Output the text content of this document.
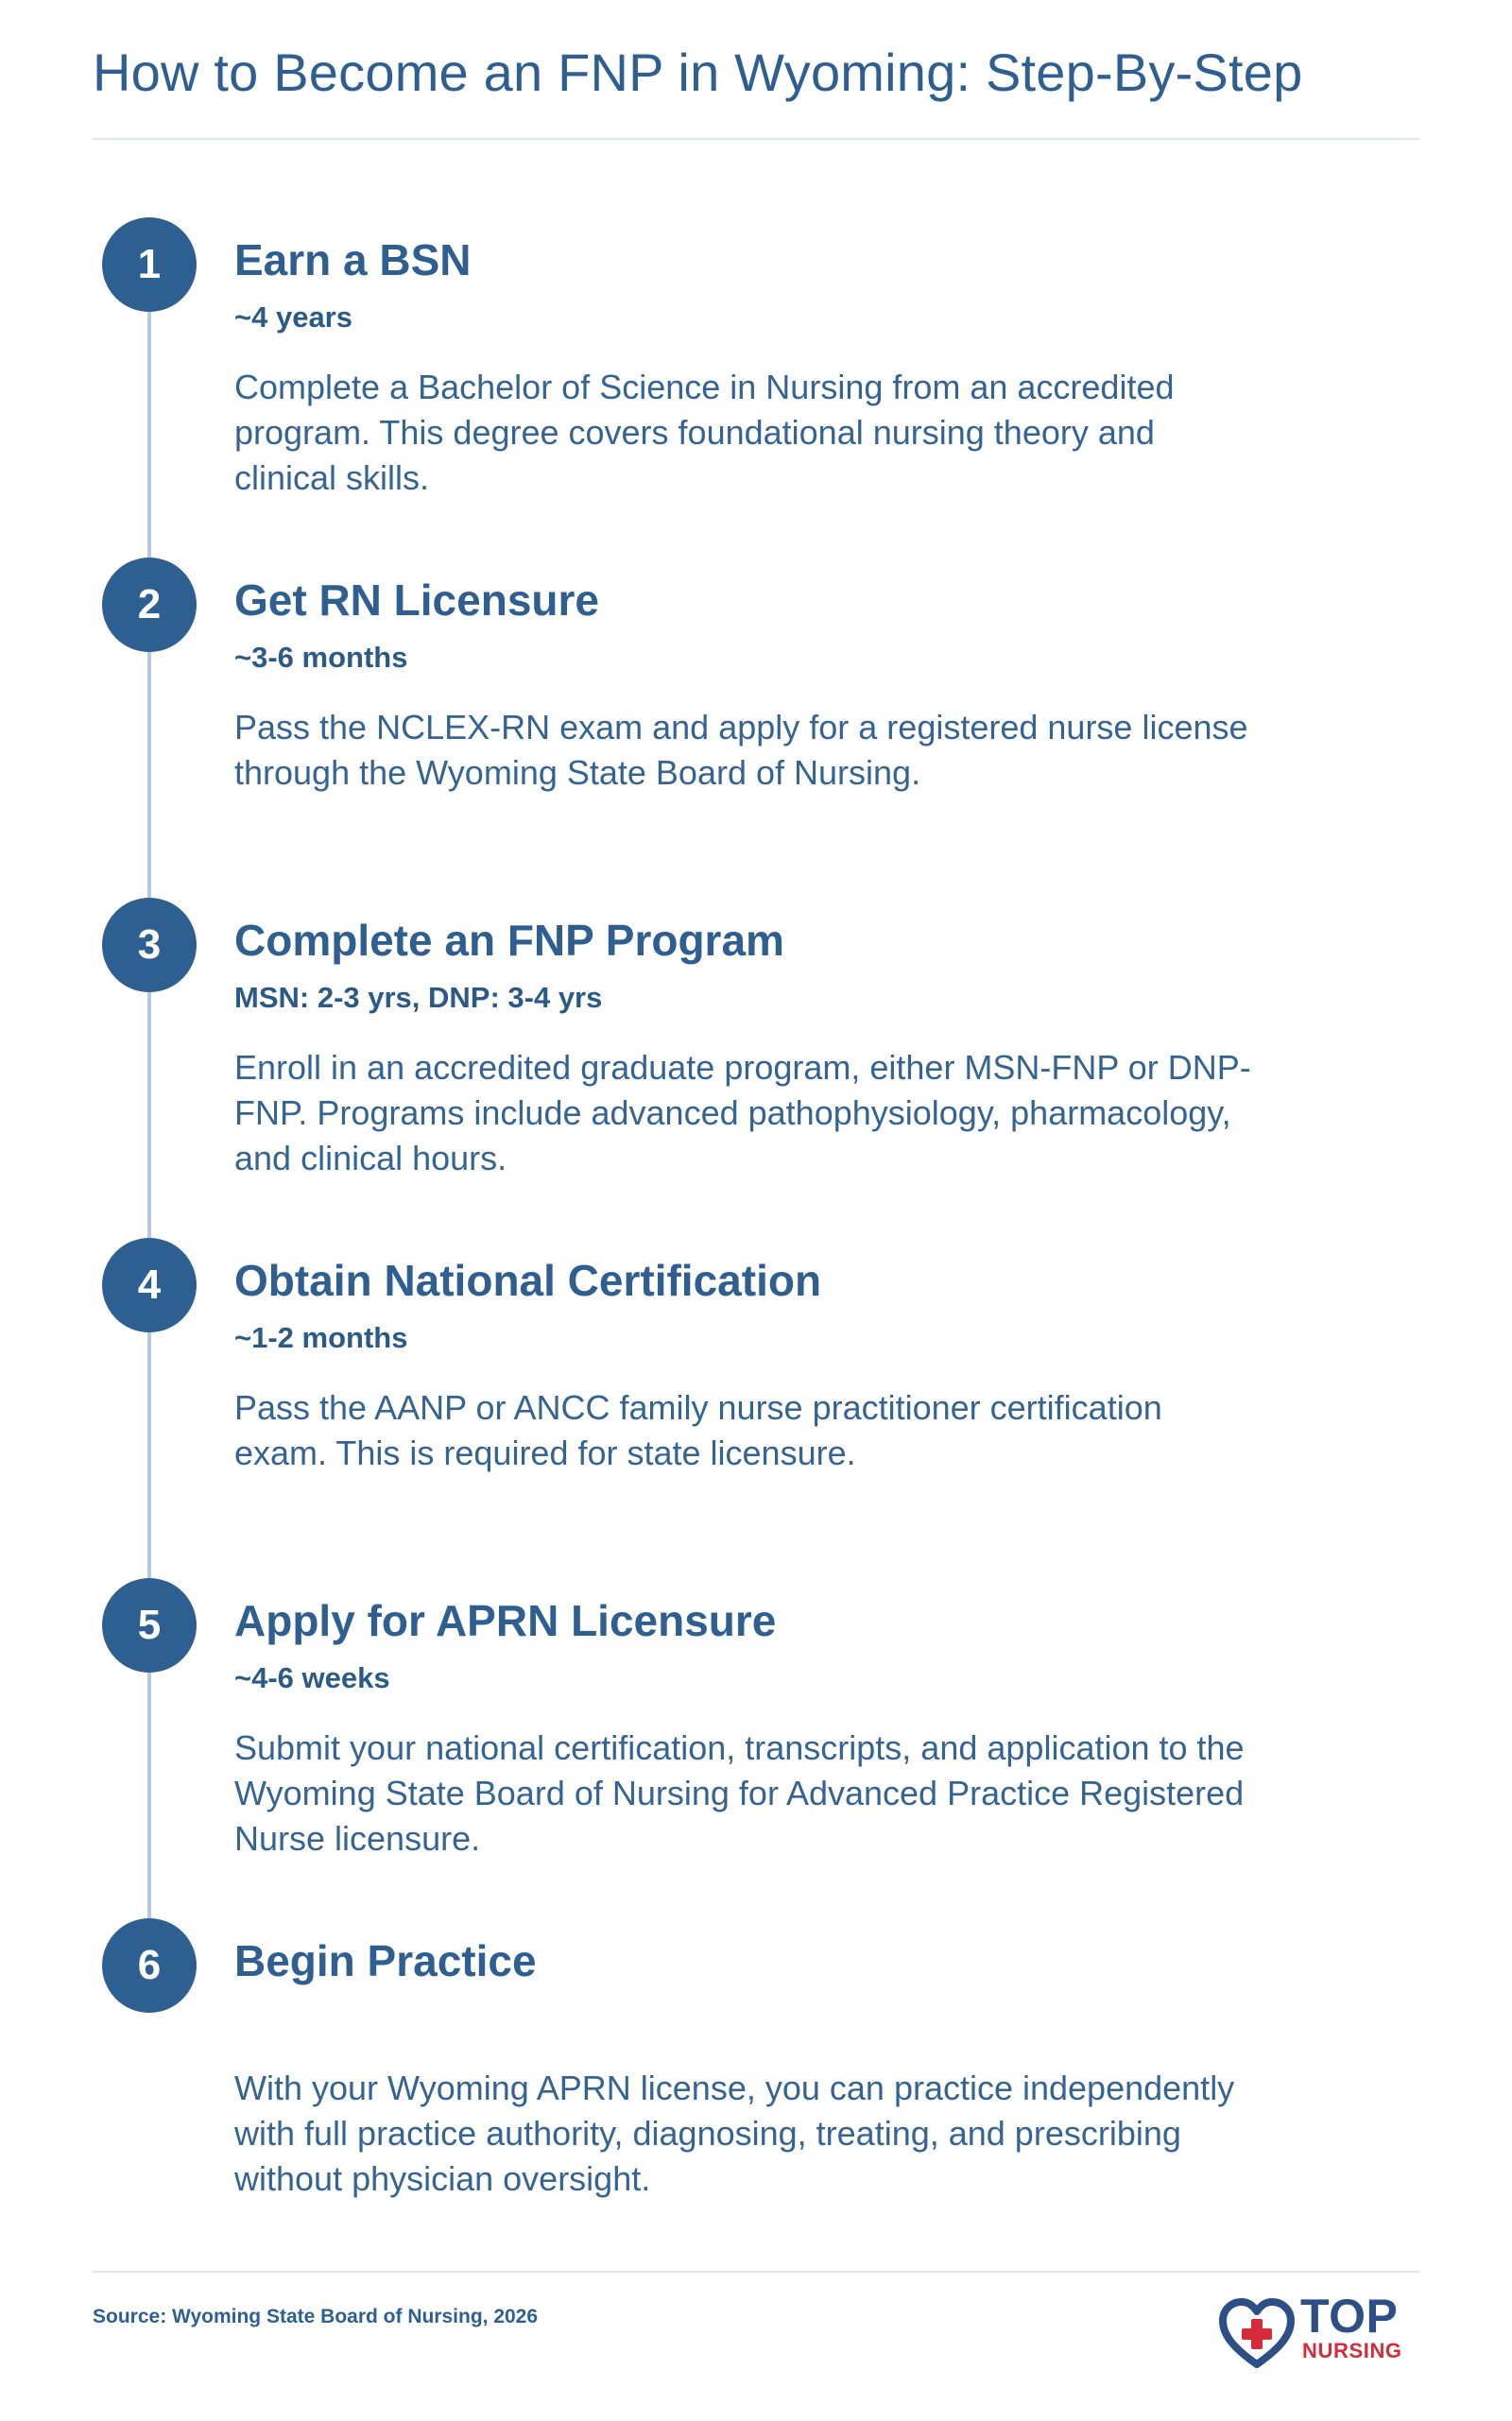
How to Become an FNP in Wyoming: Step-By-Step
1	Earn a BSN
~4 years

Complete a Bachelor of Science in Nursing from an accredited program. This degree covers foundational nursing theory and clinical skills.

2	Get RN Licensure
~3-6 months

Pass the NCLEX-RN exam and apply for a registered nurse license through the Wyoming State Board of Nursing.

3	Complete an FNP Program
MSN: 2-3 yrs, DNP: 3-4 yrs

Enroll in an accredited graduate program, either MSN-FNP or DNP-FNP. Programs include advanced pathophysiology, pharmacology, and clinical hours.

4	Obtain National Certification
~1-2 months

Pass the AANP or ANCC family nurse practitioner certification exam. This is required for state licensure.

5	Apply for APRN Licensure
~4-6 weeks

Submit your national certification, transcripts, and application to the Wyoming State Board of Nursing for Advanced Practice Registered Nurse licensure.

6	Begin Practice

With your Wyoming APRN license, you can practice independently with full practice authority, diagnosing, treating, and prescribing without physician oversight.

Source: Wyoming State Board of Nursing, 2026	TOP
NURSING
